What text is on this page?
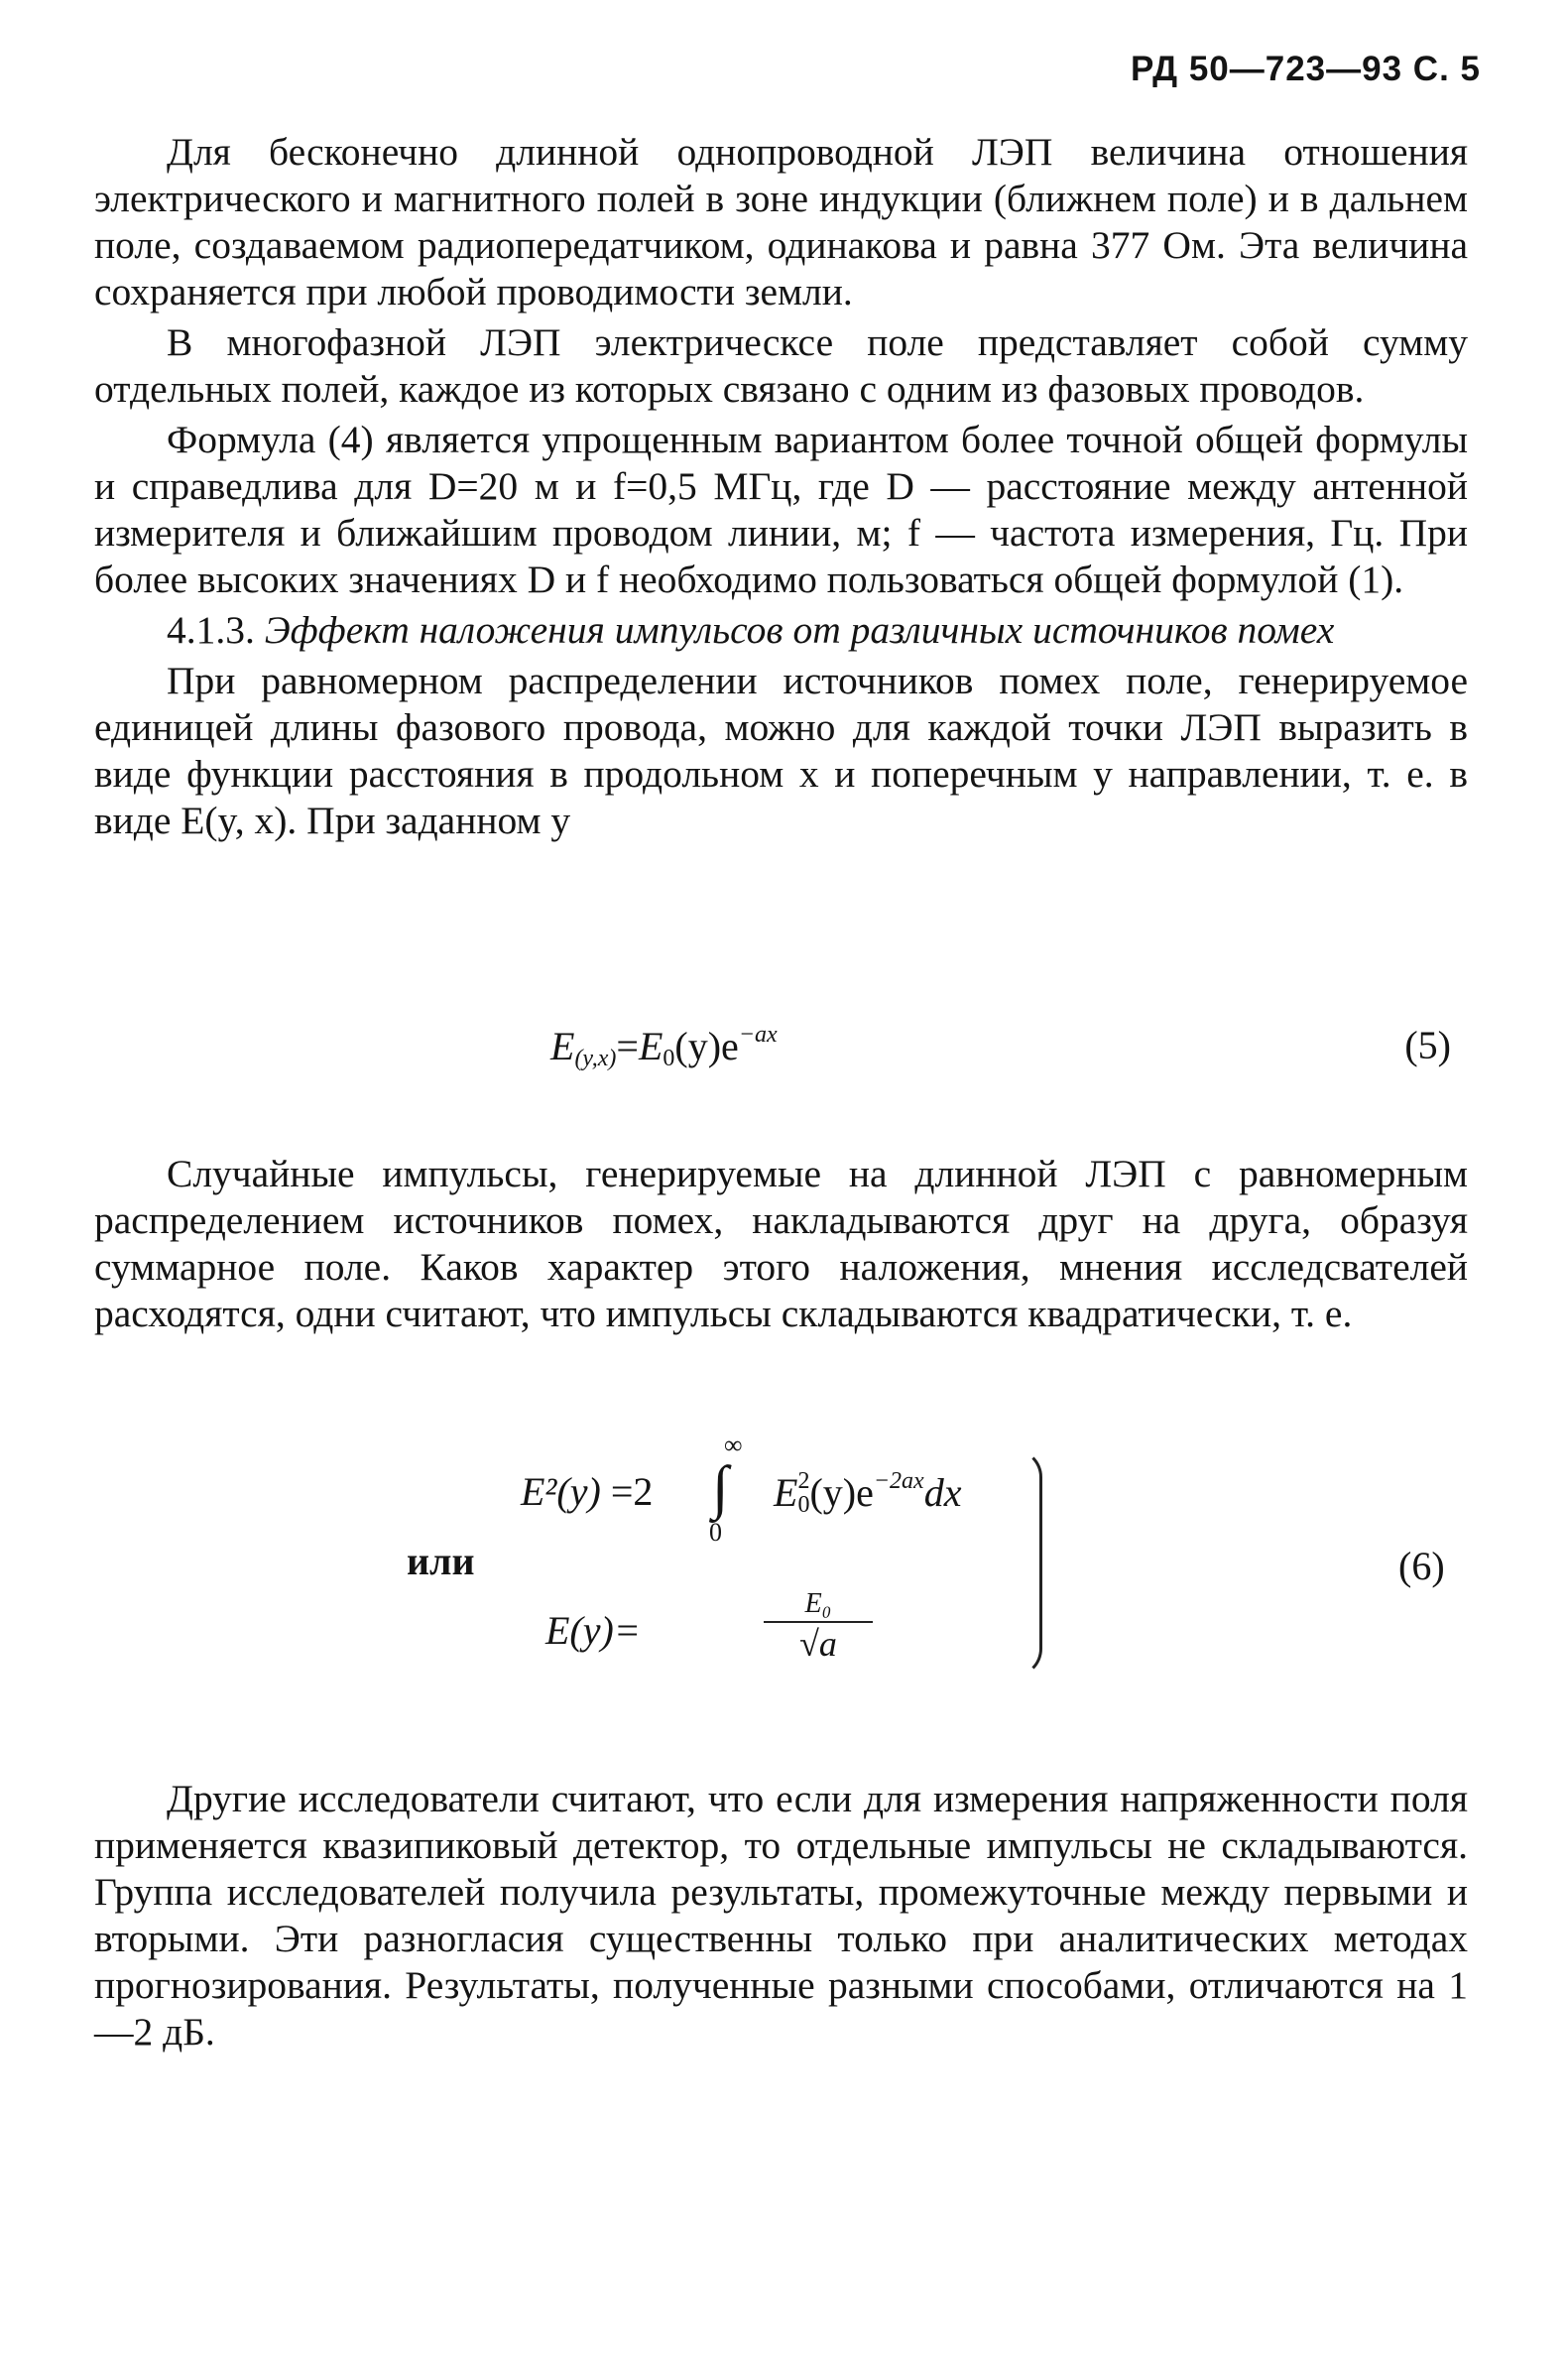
РД 50—723—93 С. 5

Для бесконечно длинной однопроводной ЛЭП величина отношения электрического и магнитного полей в зоне индукции (ближнем поле) и в дальнем поле, создаваемом радиопередатчиком, одинакова и равна 377 Ом. Эта величина сохраняется при любой проводимости земли.

В многофазной ЛЭП электрическсе поле представляет собой сумму отдельных полей, каждое из которых связано с одним из фазовых проводов.

Формула (4) является упрощенным вариантом более точной общей формулы и справедлива для D=20 м и f=0,5 МГц, где D — расстояние между антенной измерителя и ближайшим проводом линии, м; f — частота измерения, Гц. При более высоких значениях D и f необходимо пользоваться общей формулой (1).

4.1.3. Эффект наложения импульсов от различных источников помех

При равномерном распределении источников помех поле, генерируемое единицей длины фазового провода, можно для каждой точки ЛЭП выразить в виде функции расстояния в продольном x и поперечным y направлении, т. е. в виде E(y, x). При заданном y

$E_{(y,x)}=E_0(y)e^{-ax}$	(5)

Случайные импульсы, генерируемые на длинной ЛЭП с равномерным распределением источников помех, накладываются друг на друга, образуя суммарное поле. Каков характер этого наложения, мнения исследсвателей расходятся, одни считают, что импульсы складываются квадратически, т. е.

или
E²(y) =2
∞
∫
0
$E^2_0(y)e^{-2ax}dx$
E(y)=
E₀
√a
(6)

Другие исследователи считают, что если для измерения напряженности поля применяется квазипиковый детектор, то отдельные импульсы не складываются. Группа исследователей получила результаты, промежуточные между первыми и вторыми. Эти разногласия существенны только при аналитических методах прогнозирования. Результаты, полученные разными способами, отличаются на 1—2 дБ.
